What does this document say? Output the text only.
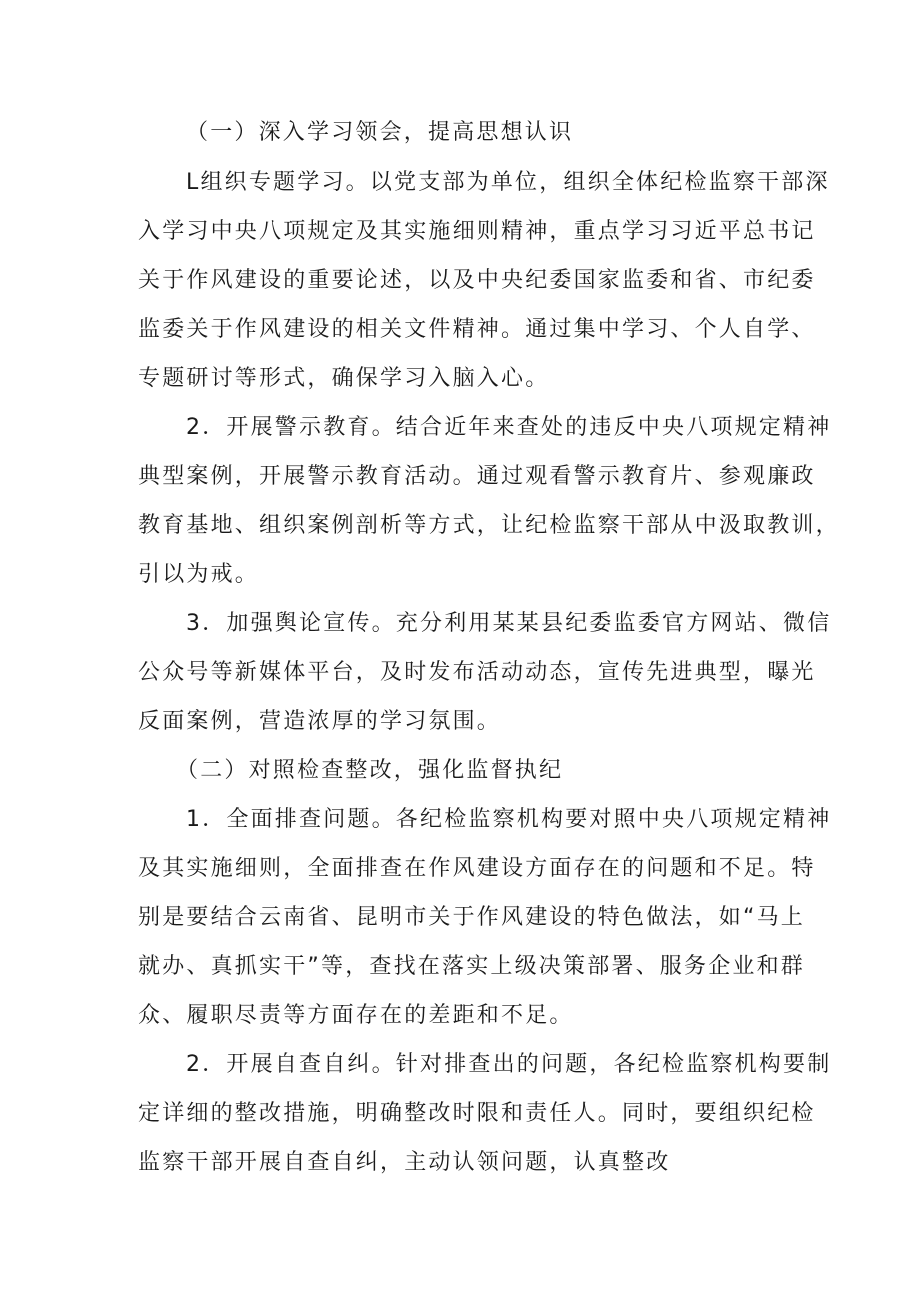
（一）深入学习领会，提高思想认识
L组织专题学习。以党支部为单位，组织全体纪检监察干部深
入学习中央八项规定及其实施细则精神，重点学习习近平总书记
关于作风建设的重要论述，以及中央纪委国家监委和省、市纪委
监委关于作风建设的相关文件精神。通过集中学习、个人自学、
专题研讨等形式，确保学习入脑入心。
2．开展警示教育。结合近年来查处的违反中央八项规定精神
典型案例，开展警示教育活动。通过观看警示教育片、参观廉政
教育基地、组织案例剖析等方式，让纪检监察干部从中汲取教训，
引以为戒。
3．加强舆论宣传。充分利用某某县纪委监委官方网站、微信
公众号等新媒体平台，及时发布活动动态，宣传先进典型，曝光
反面案例，营造浓厚的学习氛围。
（二）对照检查整改，强化监督执纪
1．全面排查问题。各纪检监察机构要对照中央八项规定精神
及其实施细则，全面排查在作风建设方面存在的问题和不足。特
别是要结合云南省、昆明市关于作风建设的特色做法，如“马上
就办、真抓实干”等，查找在落实上级决策部署、服务企业和群
众、履职尽责等方面存在的差距和不足。
2．开展自查自纠。针对排查出的问题，各纪检监察机构要制
定详细的整改措施，明确整改时限和责任人。同时，要组织纪检
监察干部开展自查自纠，主动认领问题，认真整改
